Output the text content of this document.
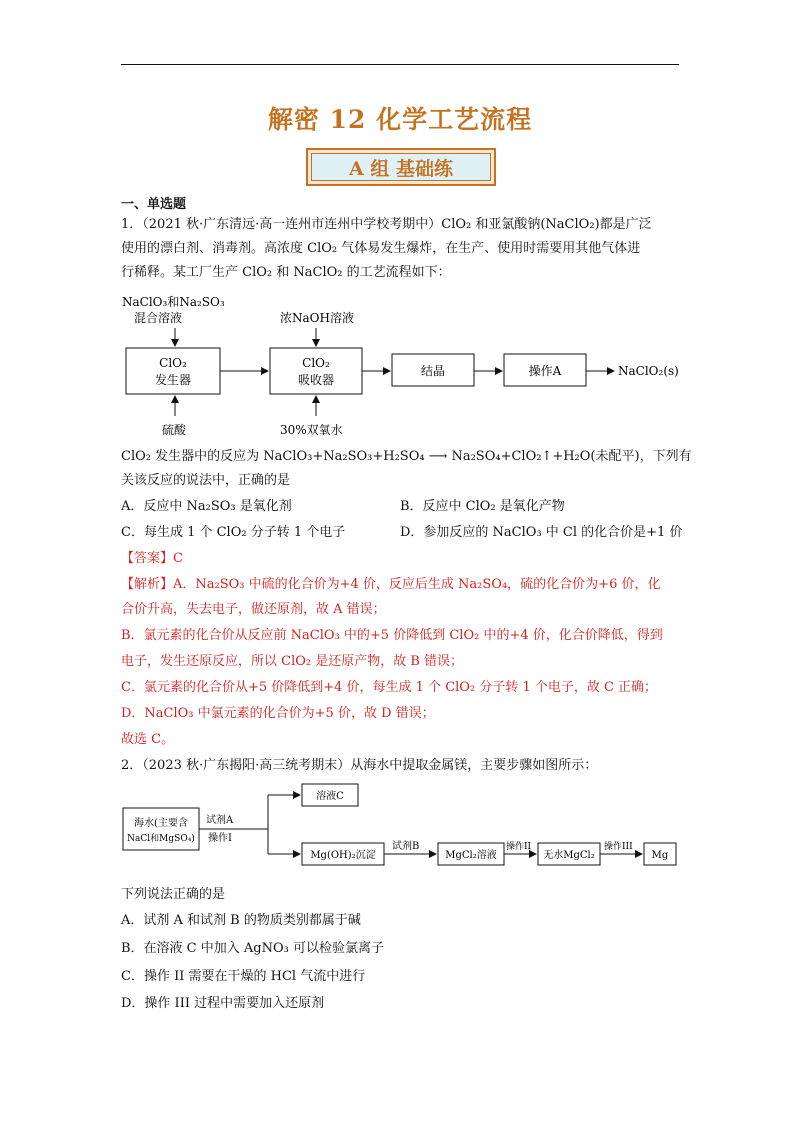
解密 12 化学工艺流程
A 组 基础练
一、单选题
1．（2021 秋·广东清远·高一连州市连州中学校考期中）ClO₂ 和亚氯酸钠(NaClO₂)都是广泛
使用的漂白剂、消毒剂。高浓度 ClO₂ 气体易发生爆炸，在生产、使用时需要用其他气体进
行稀释。某工厂生产 ClO₂ 和 NaClO₂ 的工艺流程如下：
NaClO₃和Na₂SO₃
混合溶液	浓NaOH溶液
ClO₂
发生器
ClO₂
吸收器
结晶	操作A	NaClO₂(s)
硫酸	30%双氧水
ClO₂ 发生器中的反应为 NaClO₃+Na₂SO₃+H₂SO₄ ⟶ Na₂SO₄+ClO₂↑+H₂O(未配平)，下列有
关该反应的说法中，正确的是
A．反应中 Na₂SO₃ 是氧化剂	B．反应中 ClO₂ 是氧化产物
C．每生成 1 个 ClO₂ 分子转 1 个电子	D．参加反应的 NaClO₃ 中 Cl 的化合价是+1 价
【答案】C
【解析】A．Na₂SO₃ 中硫的化合价为+4 价，反应后生成 Na₂SO₄，硫的化合价为+6 价，化
合价升高，失去电子，做还原剂，故 A 错误；
B．氯元素的化合价从反应前 NaClO₃ 中的+5 价降低到 ClO₂ 中的+4 价，化合价降低，得到
电子，发生还原反应，所以 ClO₂ 是还原产物，故 B 错误；
C．氯元素的化合价从+5 价降低到+4 价，每生成 1 个 ClO₂ 分子转 1 个电子，故 C 正确；
D．NaClO₃ 中氯元素的化合价为+5 价，故 D 错误；
故选 C。
2．（2023 秋·广东揭阳·高三统考期末）从海水中提取金属镁，主要步骤如图所示：
海水(主要含
NaCl和MgSO₄)
试剂A
操作I
溶液C
Mg(OH)₂沉淀
试剂B
MgCl₂溶液
操作II
无水MgCl₂
操作III
Mg
下列说法正确的是
A．试剂 A 和试剂 B 的物质类别都属于碱
B．在溶液 C 中加入 AgNO₃ 可以检验氯离子
C．操作 II 需要在干燥的 HCl 气流中进行
D．操作 III 过程中需要加入还原剂
